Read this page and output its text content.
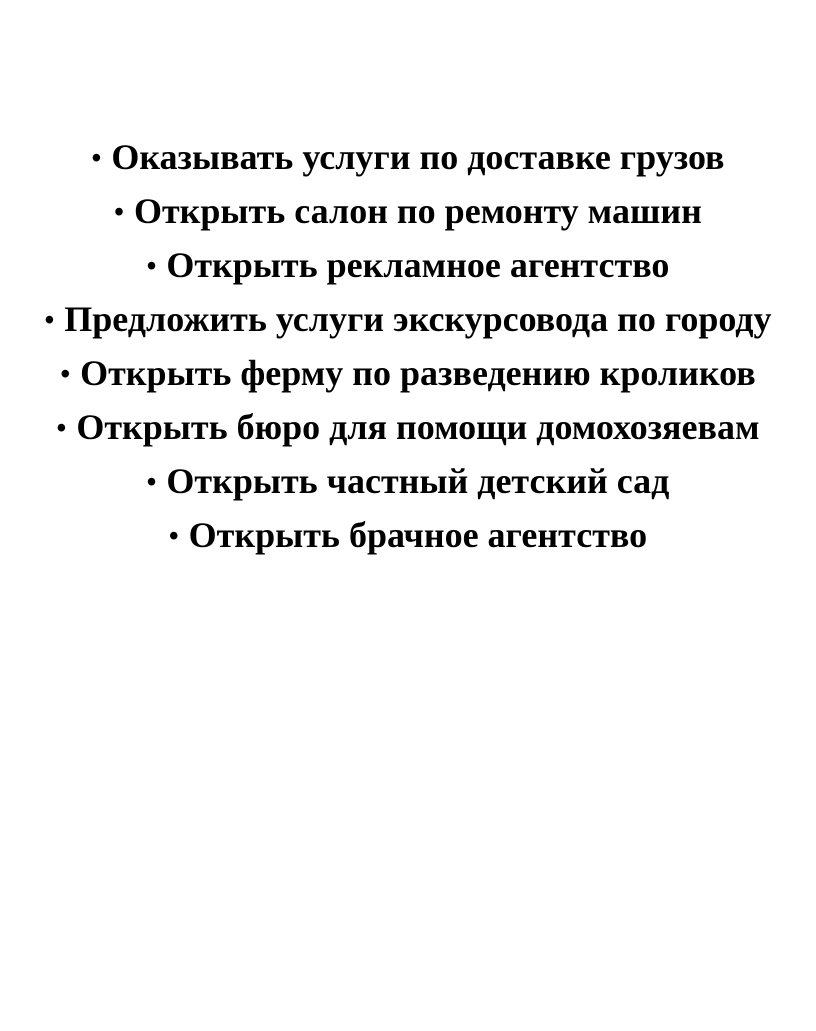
• Оказывать услуги по доставке грузов
• Открыть салон по ремонту машин
• Открыть рекламное агентство
• Предложить услуги экскурсовода по городу
• Открыть ферму по разведению кроликов
• Открыть бюро для помощи домохозяевам
• Открыть частный детский сад
• Открыть брачное агентство
